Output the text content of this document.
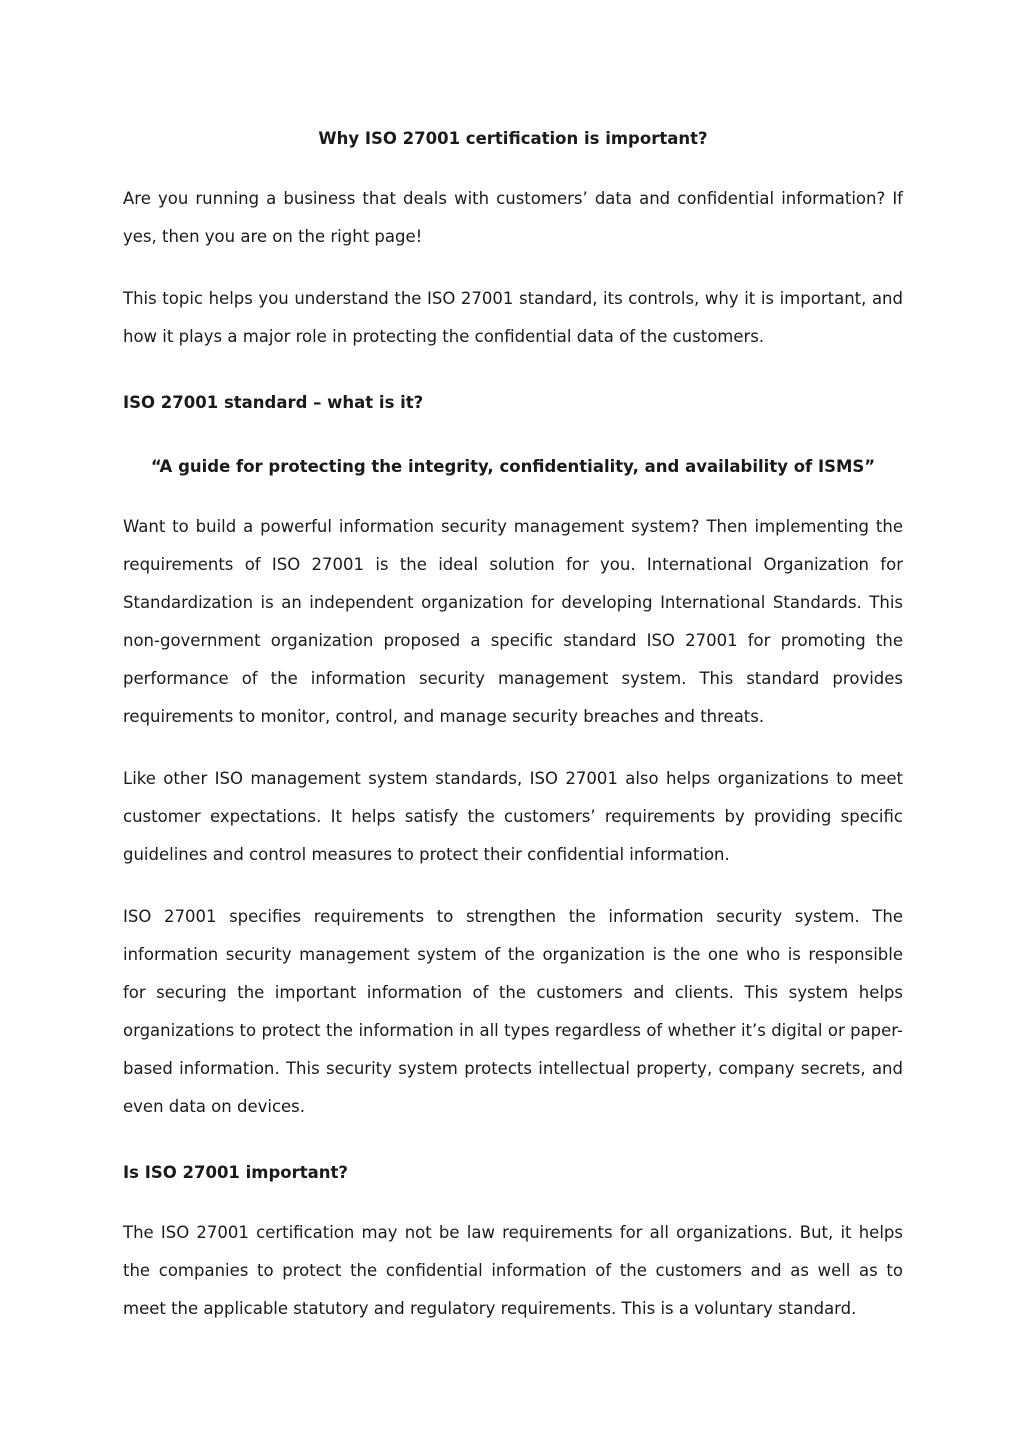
Why ISO 27001 certification is important?

Are you running a business that deals with customers’ data and confidential information? If yes, then you are on the right page!

This topic helps you understand the ISO 27001 standard, its controls, why it is important, and how it plays a major role in protecting the confidential data of the customers.

ISO 27001 standard – what is it?
“A guide for protecting the integrity, confidentiality, and availability of ISMS”

Want to build a powerful information security management system? Then implementing the requirements of ISO 27001 is the ideal solution for you. International Organization for Standardization is an independent organization for developing International Standards. This non-government organization proposed a specific standard ISO 27001 for promoting the performance of the information security management system. This standard provides requirements to monitor, control, and manage security breaches and threats.

Like other ISO management system standards, ISO 27001 also helps organizations to meet customer expectations. It helps satisfy the customers’ requirements by providing specific guidelines and control measures to protect their confidential information.

ISO 27001 specifies requirements to strengthen the information security system. The information security management system of the organization is the one who is responsible for securing the important information of the customers and clients. This system helps organizations to protect the information in all types regardless of whether it’s digital or paper-based information. This security system protects intellectual property, company secrets, and even data on devices.

Is ISO 27001 important?

The ISO 27001 certification may not be law requirements for all organizations. But, it helps the companies to protect the confidential information of the customers and as well as to meet the applicable statutory and regulatory requirements. This is a voluntary standard.
